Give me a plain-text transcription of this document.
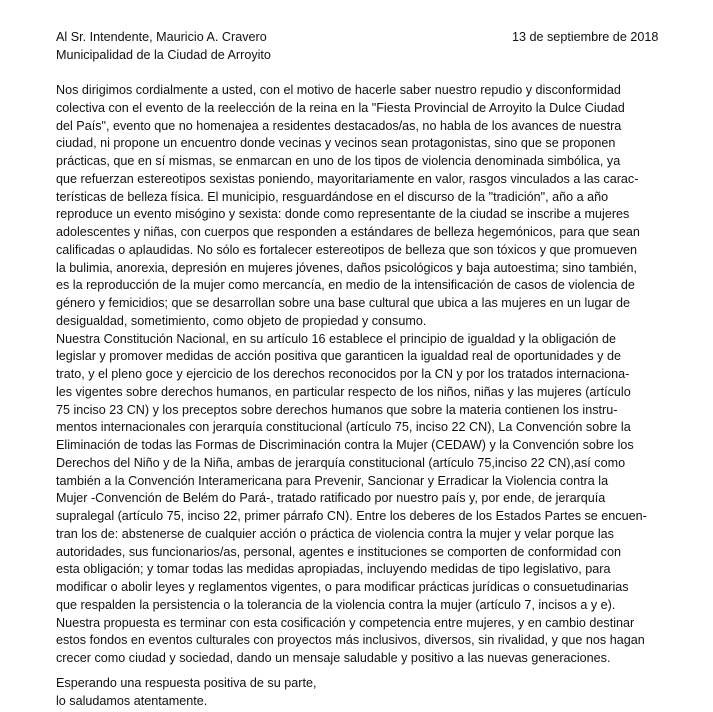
Al Sr. Intendente, Mauricio A. Cravero
Municipalidad de la Ciudad de Arroyito
13 de septiembre de 2018
Nos dirigimos cordialmente a usted, con el motivo de hacerle saber nuestro repudio y disconformidad
colectiva con el evento de la reelección de la reina en la "Fiesta Provincial de Arroyito la Dulce Ciudad
del País", evento que no homenajea a residentes destacados/as, no habla de los avances de nuestra
ciudad, ni propone un encuentro donde vecinas y vecinos sean protagonistas, sino que se proponen
prácticas, que en sí mismas, se enmarcan en uno de los tipos de violencia denominada simbólica, ya
que refuerzan estereotipos sexistas poniendo, mayoritariamente en valor, rasgos vinculados a las carac-
terísticas de belleza física. El municipio, resguardándose en el discurso de la "tradición", año a año
reproduce un evento misógino y sexista: donde como representante de la ciudad se inscribe a mujeres
adolescentes y niñas, con cuerpos que responden a estándares de belleza hegemónicos, para que sean
calificadas o aplaudidas. No sólo es fortalecer estereotipos de belleza que son tóxicos y que promueven
la bulimia, anorexia, depresión en mujeres jóvenes, daños psicológicos y baja autoestima; sino también,
es la reproducción de la mujer como mercancía, en medio de la intensificación de casos de violencia de
género y femicidios; que se desarrollan sobre una base cultural que ubica a las mujeres en un lugar de
desigualdad, sometimiento, como objeto de propiedad y consumo.
Nuestra Constitución Nacional, en su artículo 16 establece el principio de igualdad y la obligación de
legislar y promover medidas de acción positiva que garanticen la igualdad real de oportunidades y de
trato, y el pleno goce y ejercicio de los derechos reconocidos por la CN y por los tratados internaciona-
les vigentes sobre derechos humanos, en particular respecto de los niños, niñas y las mujeres (artículo
75 inciso 23 CN) y los preceptos sobre derechos humanos que sobre la materia contienen los instru-
mentos internacionales con jerarquía constitucional (artículo 75, inciso 22 CN), La Convención sobre la
Eliminación de todas las Formas de Discriminación contra la Mujer (CEDAW) y la Convención sobre los
Derechos del Niño y de la Niña, ambas de jerarquía constitucional (artículo 75,inciso 22 CN),así como
también a la Convención Interamericana para Prevenir, Sancionar y Erradicar la Violencia contra la
Mujer -Convención de Belém do Pará-, tratado ratificado por nuestro país y, por ende, de jerarquía
supralegal (artículo 75, inciso 22, primer párrafo CN). Entre los deberes de los Estados Partes se encuen-
tran los de: abstenerse de cualquier acción o práctica de violencia contra la mujer y velar porque las
autoridades, sus funcionarios/as, personal, agentes e instituciones se comporten de conformidad con
esta obligación; y tomar todas las medidas apropiadas, incluyendo medidas de tipo legislativo, para
modificar o abolir leyes y reglamentos vigentes, o para modificar prácticas jurídicas o consuetudinarias
que respalden la persistencia o la tolerancia de la violencia contra la mujer (artículo 7, incisos a y e).
Nuestra propuesta es terminar con esta cosificación y competencia entre mujeres, y en cambio destinar
estos fondos en eventos culturales con proyectos más inclusivos, diversos, sin rivalidad, y que nos hagan
crecer como ciudad y sociedad, dando un mensaje saludable y positivo a las nuevas generaciones.
Esperando una respuesta positiva de su parte,
lo saludamos atentamente.
